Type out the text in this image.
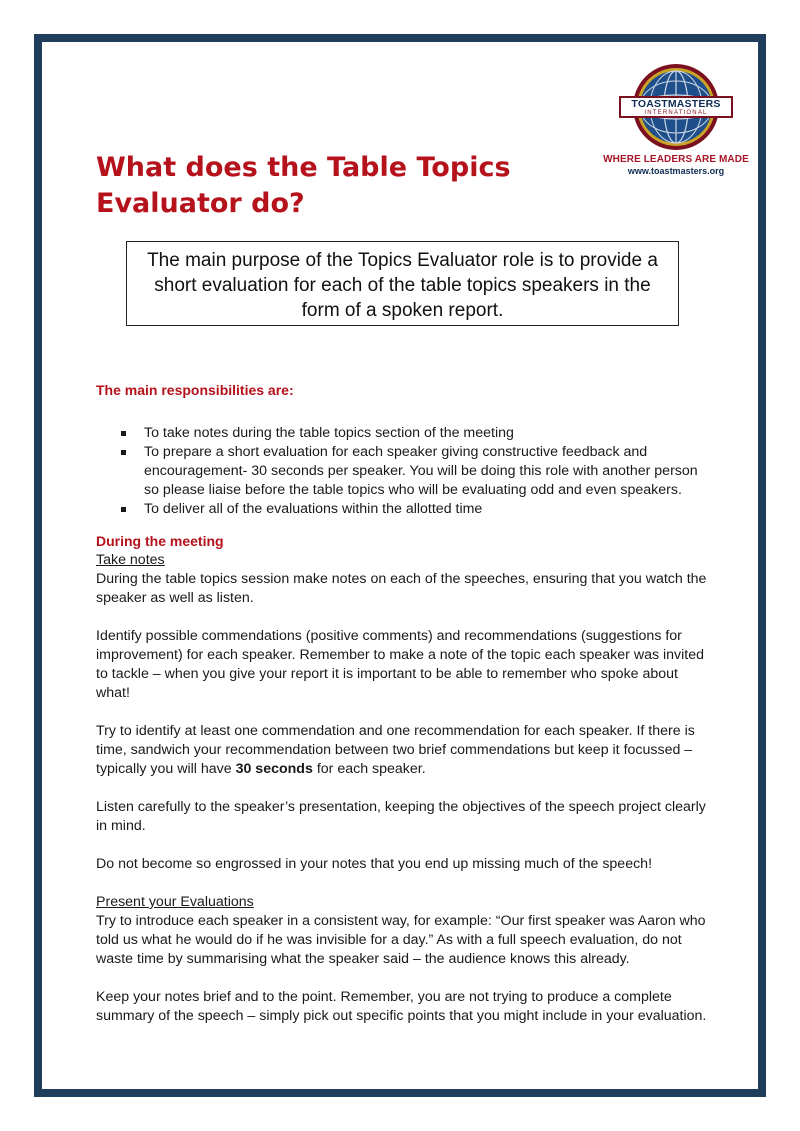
TOASTMASTERS
INTERNATIONAL
WHERE LEADERS ARE MADE
www.toastmasters.org
What does the Table Topics Evaluator do?
The main purpose of the Topics Evaluator role is to provide a short evaluation for each of the table topics speakers in the form of a spoken report.
The main responsibilities are:
To take notes during the table topics section of the meeting
To prepare a short evaluation for each speaker giving constructive feedback and encouragement- 30 seconds per speaker. You will be doing this role with another person so please liaise before the table topics who will be evaluating odd and even speakers.
To deliver all of the evaluations within the allotted time
During the meeting

Take notes

During the table topics session make notes on each of the speeches, ensuring that you watch the speaker as well as listen.

Identify possible commendations (positive comments) and recommendations (suggestions for improvement) for each speaker. Remember to make a note of the topic each speaker was invited to tackle – when you give your report it is important to be able to remember who spoke about what!

Try to identify at least one commendation and one recommendation for each speaker. If there is time, sandwich your recommendation between two brief commendations but keep it focussed – typically you will have 30 seconds for each speaker.

Listen carefully to the speaker’s presentation, keeping the objectives of the speech project clearly in mind.

Do not become so engrossed in your notes that you end up missing much of the speech!

Present your Evaluations

Try to introduce each speaker in a consistent way, for example: “Our first speaker was Aaron who told us what he would do if he was invisible for a day.” As with a full speech evaluation, do not waste time by summarising what the speaker said – the audience knows this already.

Keep your notes brief and to the point. Remember, you are not trying to produce a complete summary of the speech – simply pick out specific points that you might include in your evaluation.
